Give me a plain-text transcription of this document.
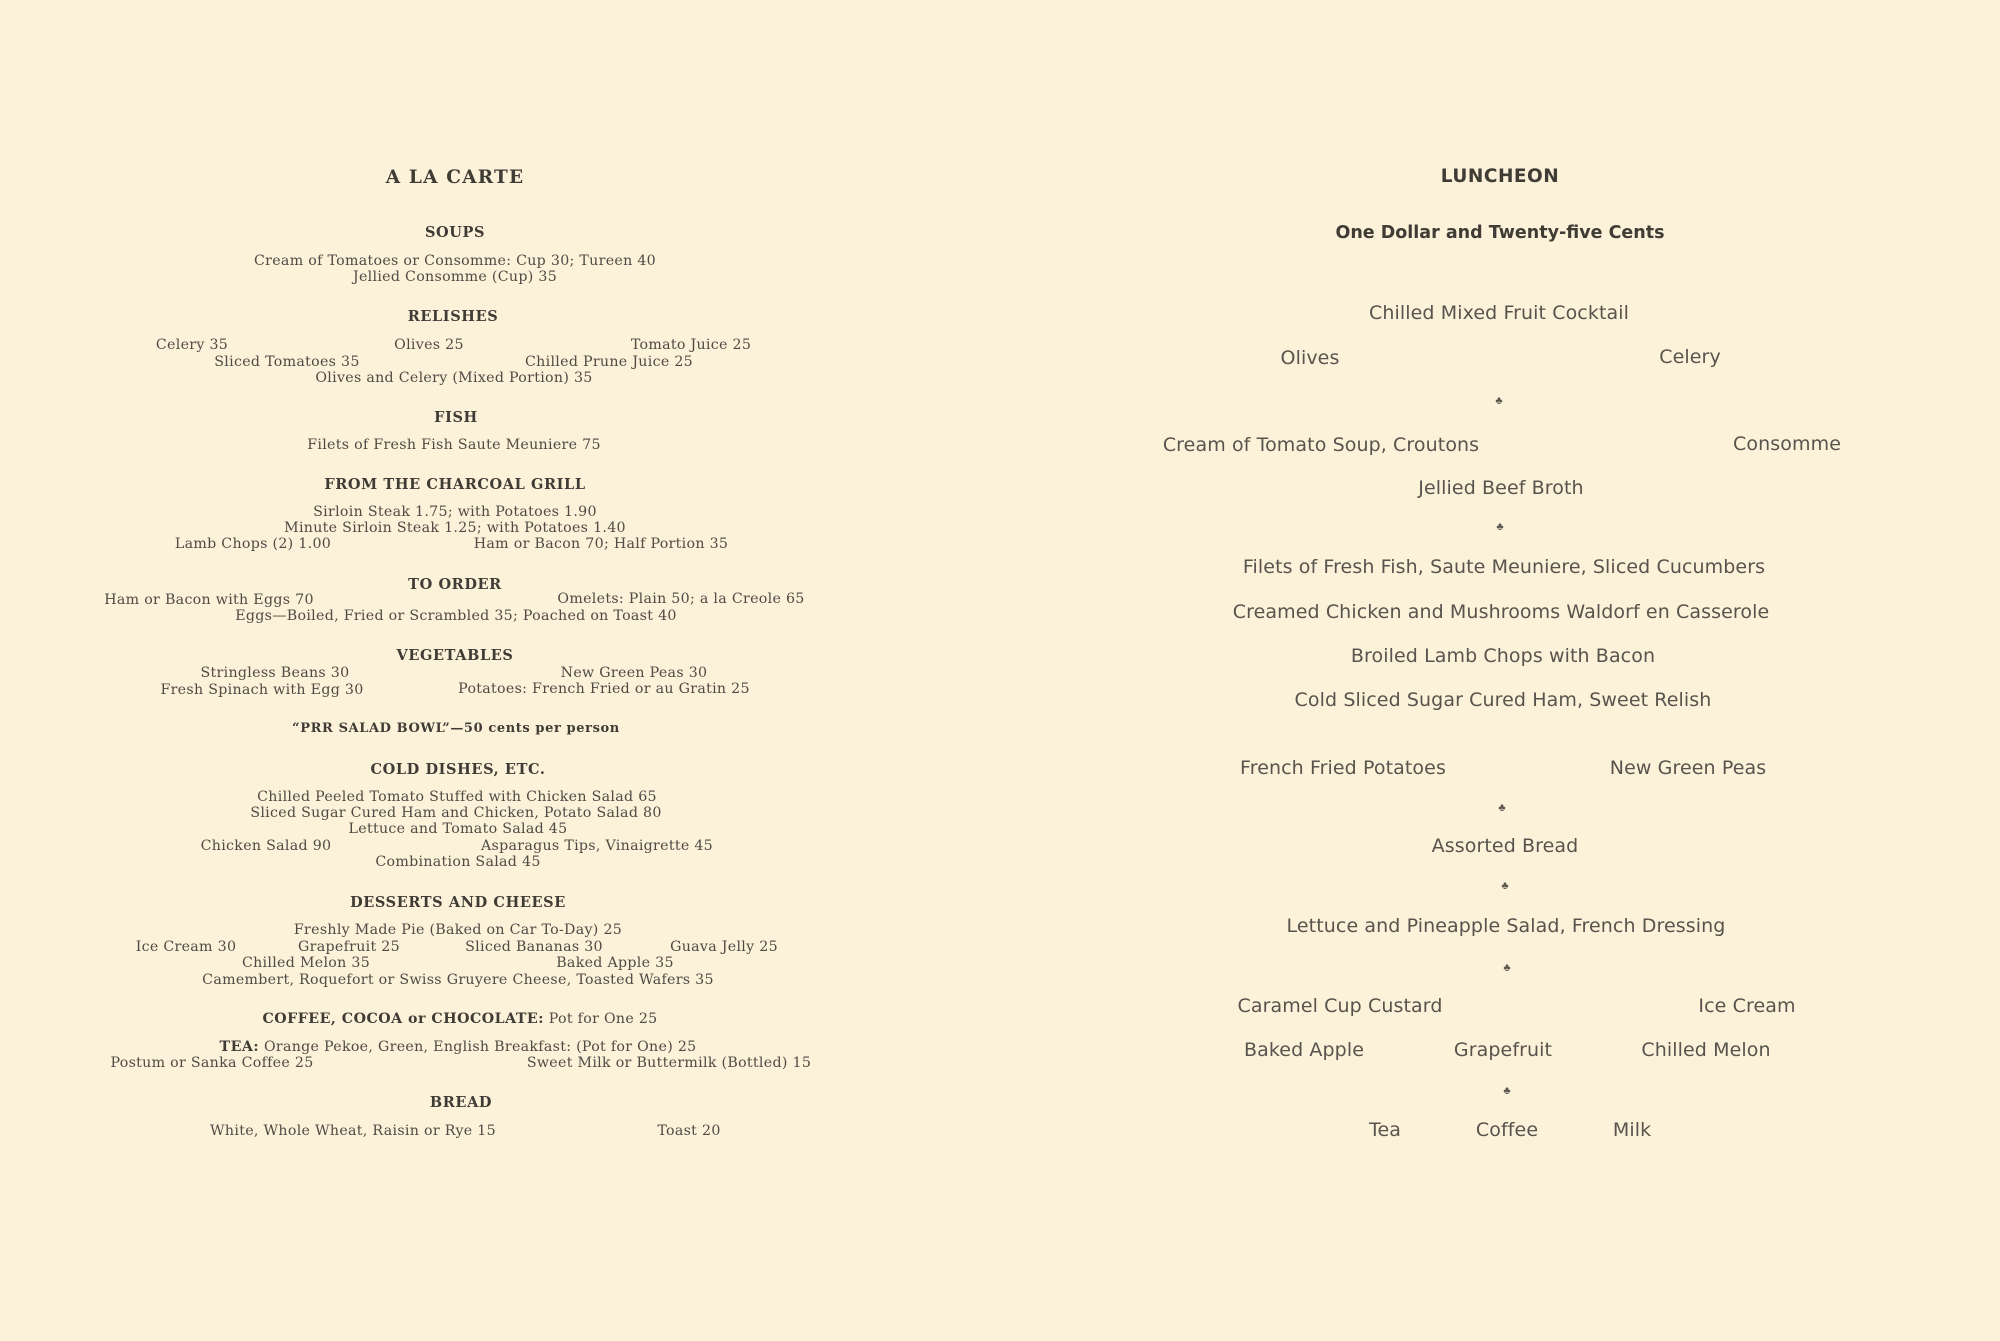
A LA CARTE
SOUPS
Cream of Tomatoes or Consomme: Cup 30; Tureen 40
Jellied Consomme (Cup) 35
RELISHES
Celery 35	Olives 25	Tomato Juice 25
Sliced Tomatoes 35	Chilled Prune Juice 25
Olives and Celery (Mixed Portion) 35
FISH
Filets of Fresh Fish Saute Meuniere 75
FROM THE CHARCOAL GRILL
Sirloin Steak 1.75; with Potatoes 1.90
Minute Sirloin Steak 1.25; with Potatoes 1.40
Lamb Chops (2) 1.00	Ham or Bacon 70; Half Portion 35
TO ORDER
Ham or Bacon with Eggs 70	Omelets: Plain 50; a la Creole 65
Eggs—Boiled, Fried or Scrambled 35; Poached on Toast 40
VEGETABLES
Stringless Beans 30	New Green Peas 30
Fresh Spinach with Egg 30	Potatoes: French Fried or au Gratin 25
“PRR SALAD BOWL”—50 cents per person
COLD DISHES, ETC.
Chilled Peeled Tomato Stuffed with Chicken Salad 65
Sliced Sugar Cured Ham and Chicken, Potato Salad 80
Lettuce and Tomato Salad 45
Chicken Salad 90	Asparagus Tips, Vinaigrette 45
Combination Salad 45
DESSERTS AND CHEESE
Freshly Made Pie (Baked on Car To-Day) 25
Ice Cream 30	Grapefruit 25	Sliced Bananas 30	Guava Jelly 25
Chilled Melon 35	Baked Apple 35
Camembert, Roquefort or Swiss Gruyere Cheese, Toasted Wafers 35
COFFEE, COCOA or CHOCOLATE: Pot for One 25
TEA: Orange Pekoe, Green, English Breakfast: (Pot for One) 25
Postum or Sanka Coffee 25	Sweet Milk or Buttermilk (Bottled) 15
BREAD
White, Whole Wheat, Raisin or Rye 15	Toast 20
LUNCHEON
One Dollar and Twenty-five Cents
Chilled Mixed Fruit Cocktail
Olives	Celery
♣
Cream of Tomato Soup, Croutons	Consomme
Jellied Beef Broth
♣
Filets of Fresh Fish, Saute Meuniere, Sliced Cucumbers
Creamed Chicken and Mushrooms Waldorf en Casserole
Broiled Lamb Chops with Bacon
Cold Sliced Sugar Cured Ham, Sweet Relish
French Fried Potatoes	New Green Peas
♣
Assorted Bread
♣
Lettuce and Pineapple Salad, French Dressing
♣
Caramel Cup Custard	Ice Cream
Baked Apple	Grapefruit	Chilled Melon
♣
Tea	Coffee	Milk
